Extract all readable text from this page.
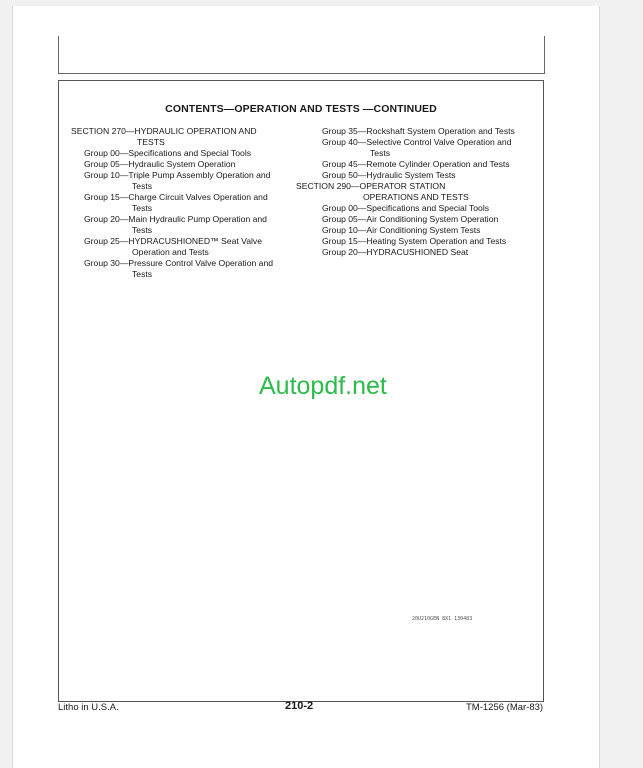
CONTENTS—OPERATION AND TESTS —CONTINUED
SECTION 270—HYDRAULIC OPERATION AND
TESTS
Group 00—Specifications and Special Tools
Group 05—Hydraulic System Operation
Group 10—Triple Pump Assembly Operation and
Tests
Group 15—Charge Circuit Valves Operation and
Tests
Group 20—Main Hydraulic Pump Operation and
Tests
Group 25—HYDRACUSHIONED™ Seat Valve
Operation and Tests
Group 30—Pressure Control Valve Operation and
Tests
Group 35—Rockshaft System Operation and Tests
Group 40—Selective Control Valve Operation and
Tests
Group 45—Remote Cylinder Operation and Tests
Group 50—Hydraulic System Tests
SECTION 290—OPERATOR STATION
OPERATIONS AND TESTS
Group 00—Specifications and Special Tools
Group 05—Air Conditioning System Operation
Group 10—Air Conditioning System Tests
Group 15—Heating System Operation and Tests
Group 20—HYDRACUSHIONED Seat
Autopdf.net
20U210GEN 8X1 130483
Litho in U.S.A.	210-2	TM-1256 (Mar-83)
